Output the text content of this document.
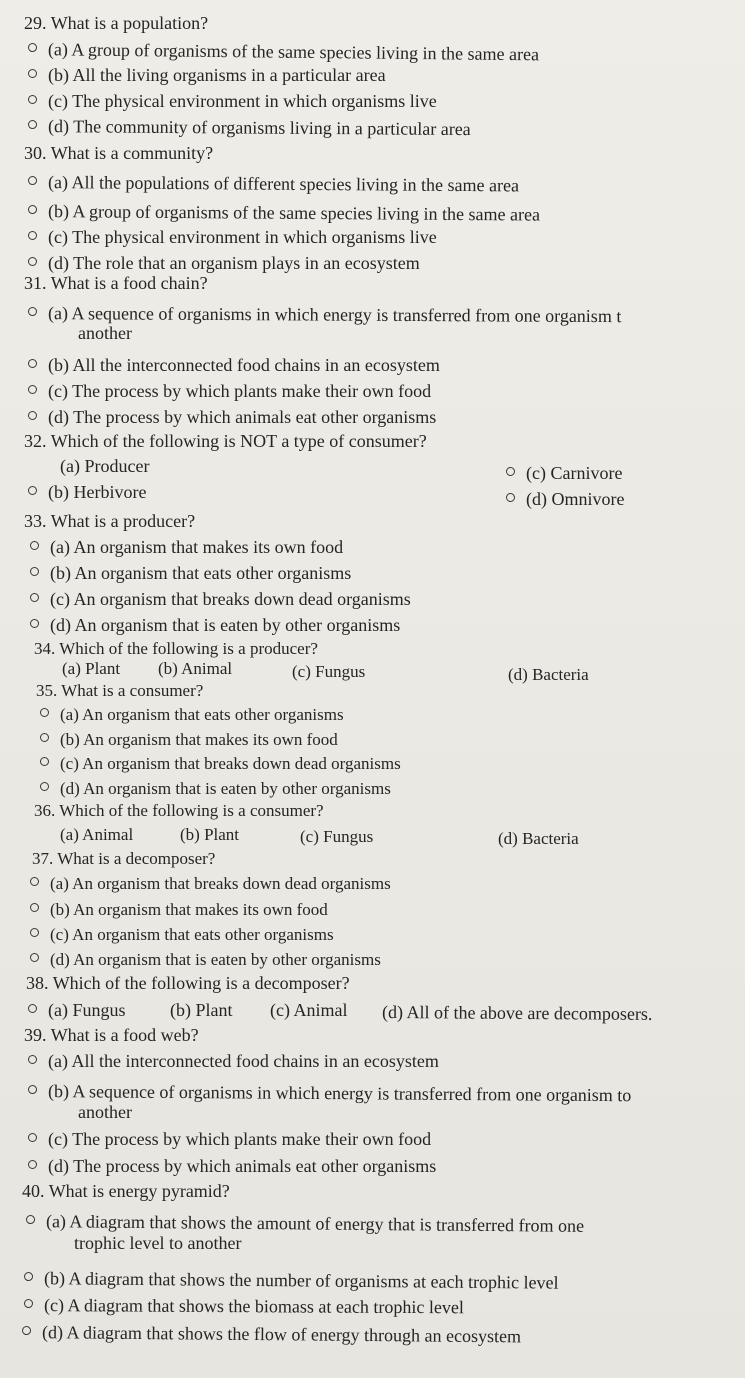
29. What is a population?
(a) A group of organisms of the same species living in the same area
(b) All the living organisms in a particular area
(c) The physical environment in which organisms live
(d) The community of organisms living in a particular area
30. What is a community?
(a) All the populations of different species living in the same area
(b) A group of organisms of the same species living in the same area
(c) The physical environment in which organisms live
(d) The role that an organism plays in an ecosystem
31. What is a food chain?
(a) A sequence of organisms in which energy is transferred from one organism t
another
(b) All the interconnected food chains in an ecosystem
(c) The process by which plants make their own food
(d) The process by which animals eat other organisms
32. Which of the following is NOT a type of consumer?
(a) Producer	(c) Carnivore
(b) Herbivore	(d) Omnivore
33. What is a producer?
(a) An organism that makes its own food
(b) An organism that eats other organisms
(c) An organism that breaks down dead organisms
(d) An organism that is eaten by other organisms
34. Which of the following is a producer?
(a) Plant (b) Animal	(c) Fungus	(d) Bacteria
35. What is a consumer?
(a) An organism that eats other organisms
(b) An organism that makes its own food
(c) An organism that breaks down dead organisms
(d) An organism that is eaten by other organisms
36. Which of the following is a consumer?
(a) Animal	(b) Plant	(c) Fungus	(d) Bacteria
37. What is a decomposer?
(a) An organism that breaks down dead organisms
(b) An organism that makes its own food
(c) An organism that eats other organisms
(d) An organism that is eaten by other organisms
38. Which of the following is a decomposer?
(a) Fungus (b) Plant (c) Animal (d) All of the above are decomposers.
39. What is a food web?
(a) All the interconnected food chains in an ecosystem
(b) A sequence of organisms in which energy is transferred from one organism to
another
(c) The process by which plants make their own food
(d) The process by which animals eat other organisms
40. What is energy pyramid?
(a) A diagram that shows the amount of energy that is transferred from one
trophic level to another
(b) A diagram that shows the number of organisms at each trophic level
(c) A diagram that shows the biomass at each trophic level
(d) A diagram that shows the flow of energy through an ecosystem
